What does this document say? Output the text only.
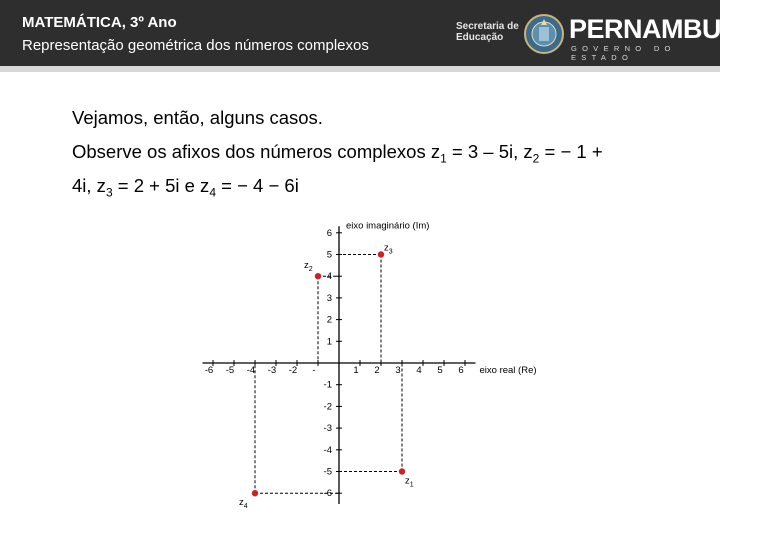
MATEMÁTICA, 3º Ano
Representação geométrica dos números complexos
Secretaria de
Educação	PERNAMBUCO
GOVERNO DO ESTADO
Vejamos, então, alguns casos.
Observe os afixos dos números complexos $z_1 = 3 - 5i$, $z_2$ = − 1 +
4i, $z_3 = 2 + 5i$ e $z_4$ = − 4 − 6i
-6 -5 -4 -3 -2 -	1 2 3 4 5 6
6
5
4
3
2
1
-1
-2
-3
-4
-5
-6
eixo real (Re)
eixo imaginário (Im)
$z_1$
$z_2$
$z_3$
$z_4$
